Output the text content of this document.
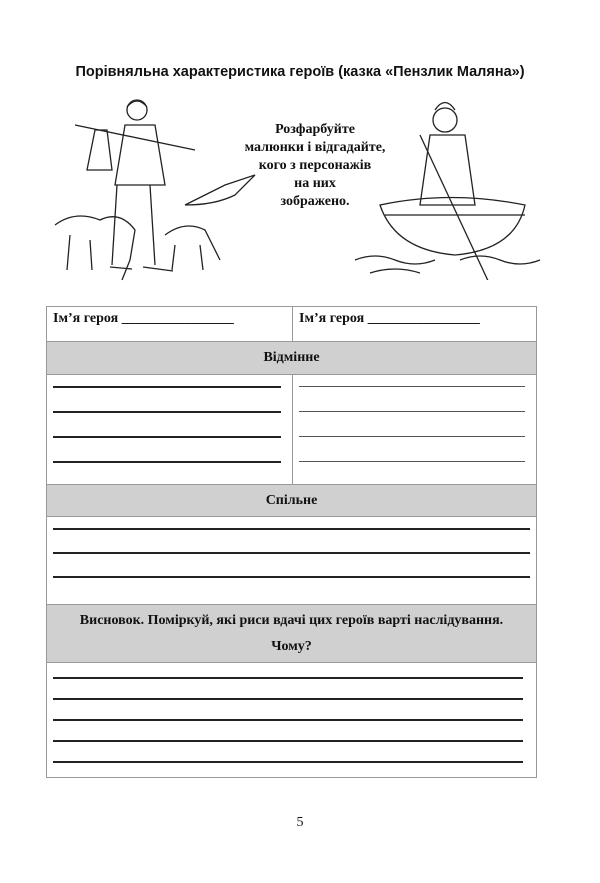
Порівняльна характеристика героїв (казка «Пензлик Маляна»)
Розфарбуйте
малюнки і відгадайте,
кого з персонажів
на них
зображено.
Ім’я героя ________________	Ім’я героя ________________
Відмінне
Спільне
Висновок. Поміркуй, які риси вдачі цих героїв варті наслідування. Чому?
5
